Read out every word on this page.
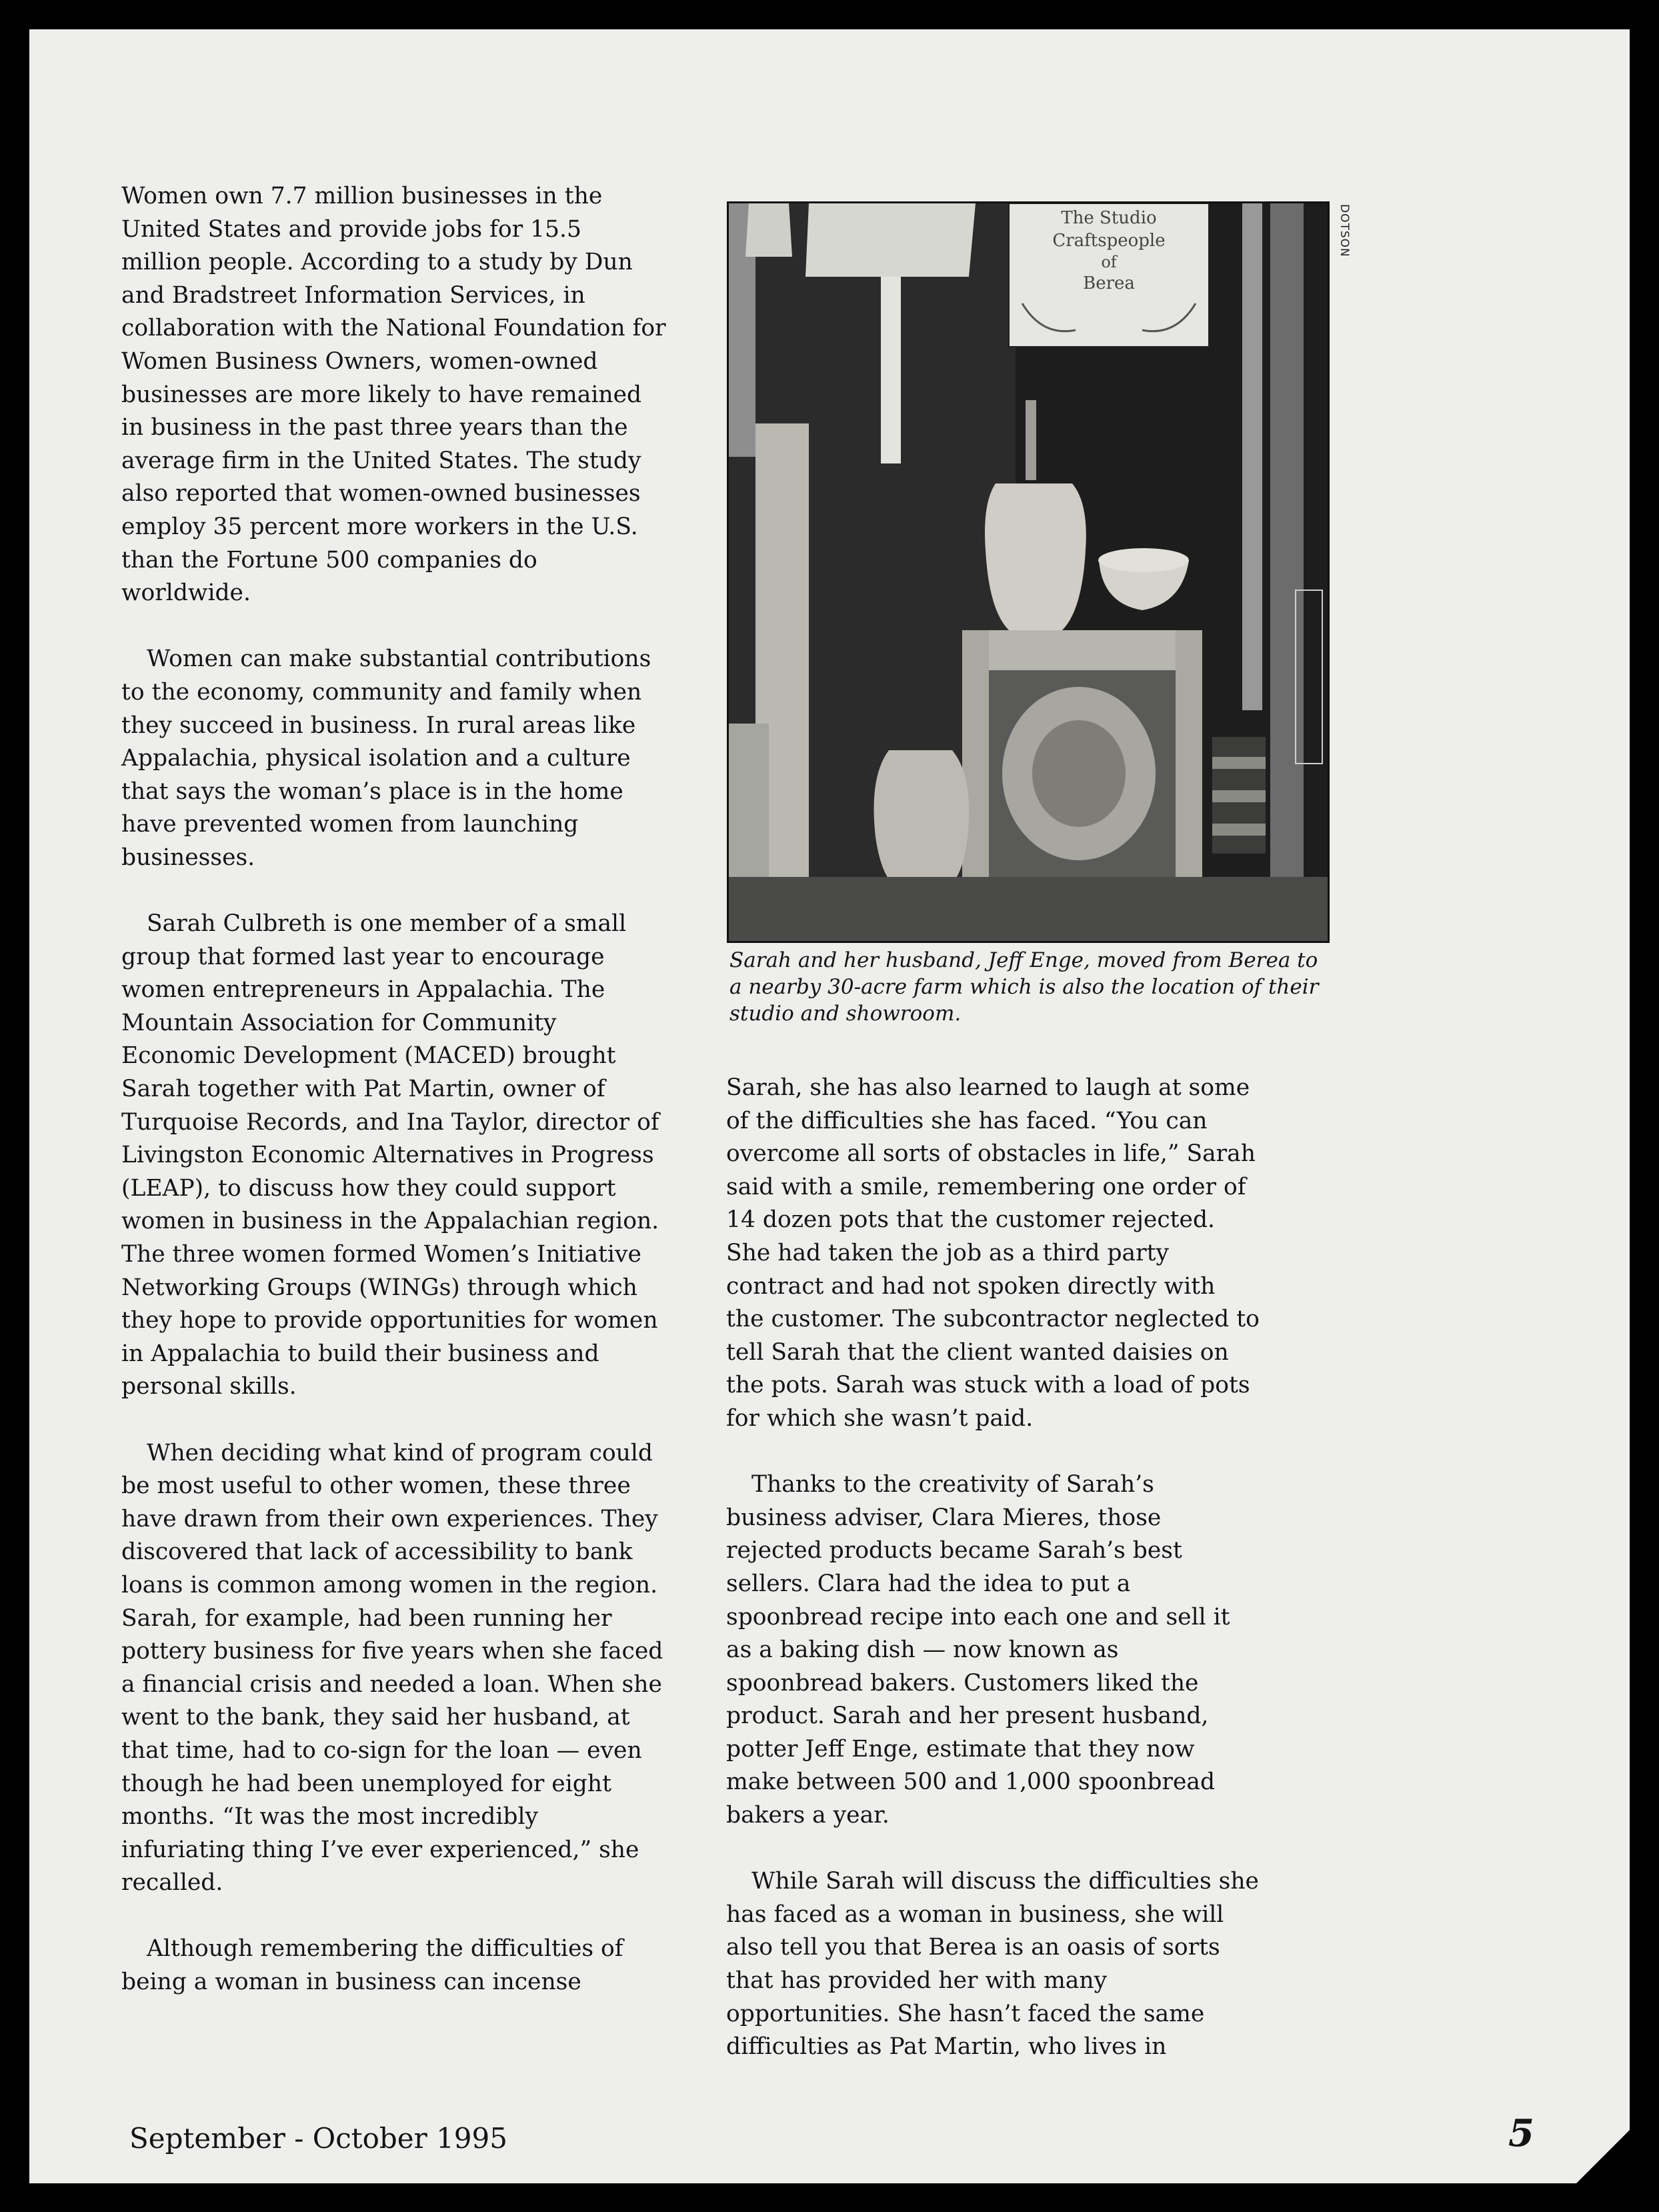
Women own 7.7 million businesses in the United States and provide jobs for 15.5 million people. According to a study by Dun and Bradstreet Information Services, in collaboration with the National Foundation for Women Business Owners, women-owned businesses are more likely to have remained in business in the past three years than the average firm in the United States. The study also reported that women-owned businesses employ 35 percent more workers in the U.S. than the Fortune 500 companies do worldwide.

Women can make substantial contributions to the economy, community and family when they succeed in business. In rural areas like Appalachia, physical isolation and a culture that says the woman’s place is in the home have prevented women from launching businesses.

Sarah Culbreth is one member of a small group that formed last year to encourage women entrepreneurs in Appalachia. The Mountain Association for Community Economic Development (MACED) brought Sarah together with Pat Martin, owner of Turquoise Records, and Ina Taylor, director of Livingston Economic Alternatives in Progress (LEAP), to discuss how they could support women in business in the Appalachian region. The three women formed Women’s Initiative Networking Groups (WINGs) through which they hope to provide opportunities for women in Appalachia to build their business and personal skills.

When deciding what kind of program could be most useful to other women, these three have drawn from their own experiences. They discovered that lack of accessibility to bank loans is common among women in the region. Sarah, for example, had been running her pottery business for five years when she faced a financial crisis and needed a loan. When she went to the bank, they said her husband, at that time, had to co-sign for the loan — even though he had been unemployed for eight months. “It was the most incredibly infuriating thing I’ve ever experienced,” she recalled.

Although remembering the difficulties of being a woman in business can incense

The Studio
Craftspeople
of
Berea
DOTSON
Sarah and her husband, Jeff Enge, moved from Berea to a nearby 30-acre farm which is also the location of their studio and showroom.

Sarah, she has also learned to laugh at some of the difficulties she has faced. “You can overcome all sorts of obstacles in life,” Sarah said with a smile, remembering one order of 14 dozen pots that the customer rejected. She had taken the job as a third party contract and had not spoken directly with the customer. The subcontractor neglected to tell Sarah that the client wanted daisies on the pots. Sarah was stuck with a load of pots for which she wasn’t paid.

Thanks to the creativity of Sarah’s business adviser, Clara Mieres, those rejected products became Sarah’s best sellers. Clara had the idea to put a spoonbread recipe into each one and sell it as a baking dish — now known as spoonbread bakers. Customers liked the product. Sarah and her present husband, potter Jeff Enge, estimate that they now make between 500 and 1,000 spoonbread bakers a year.

While Sarah will discuss the difficulties she has faced as a woman in business, she will also tell you that Berea is an oasis of sorts that has provided her with many opportunities. She hasn’t faced the same difficulties as Pat Martin, who lives in

September - October 1995	5
